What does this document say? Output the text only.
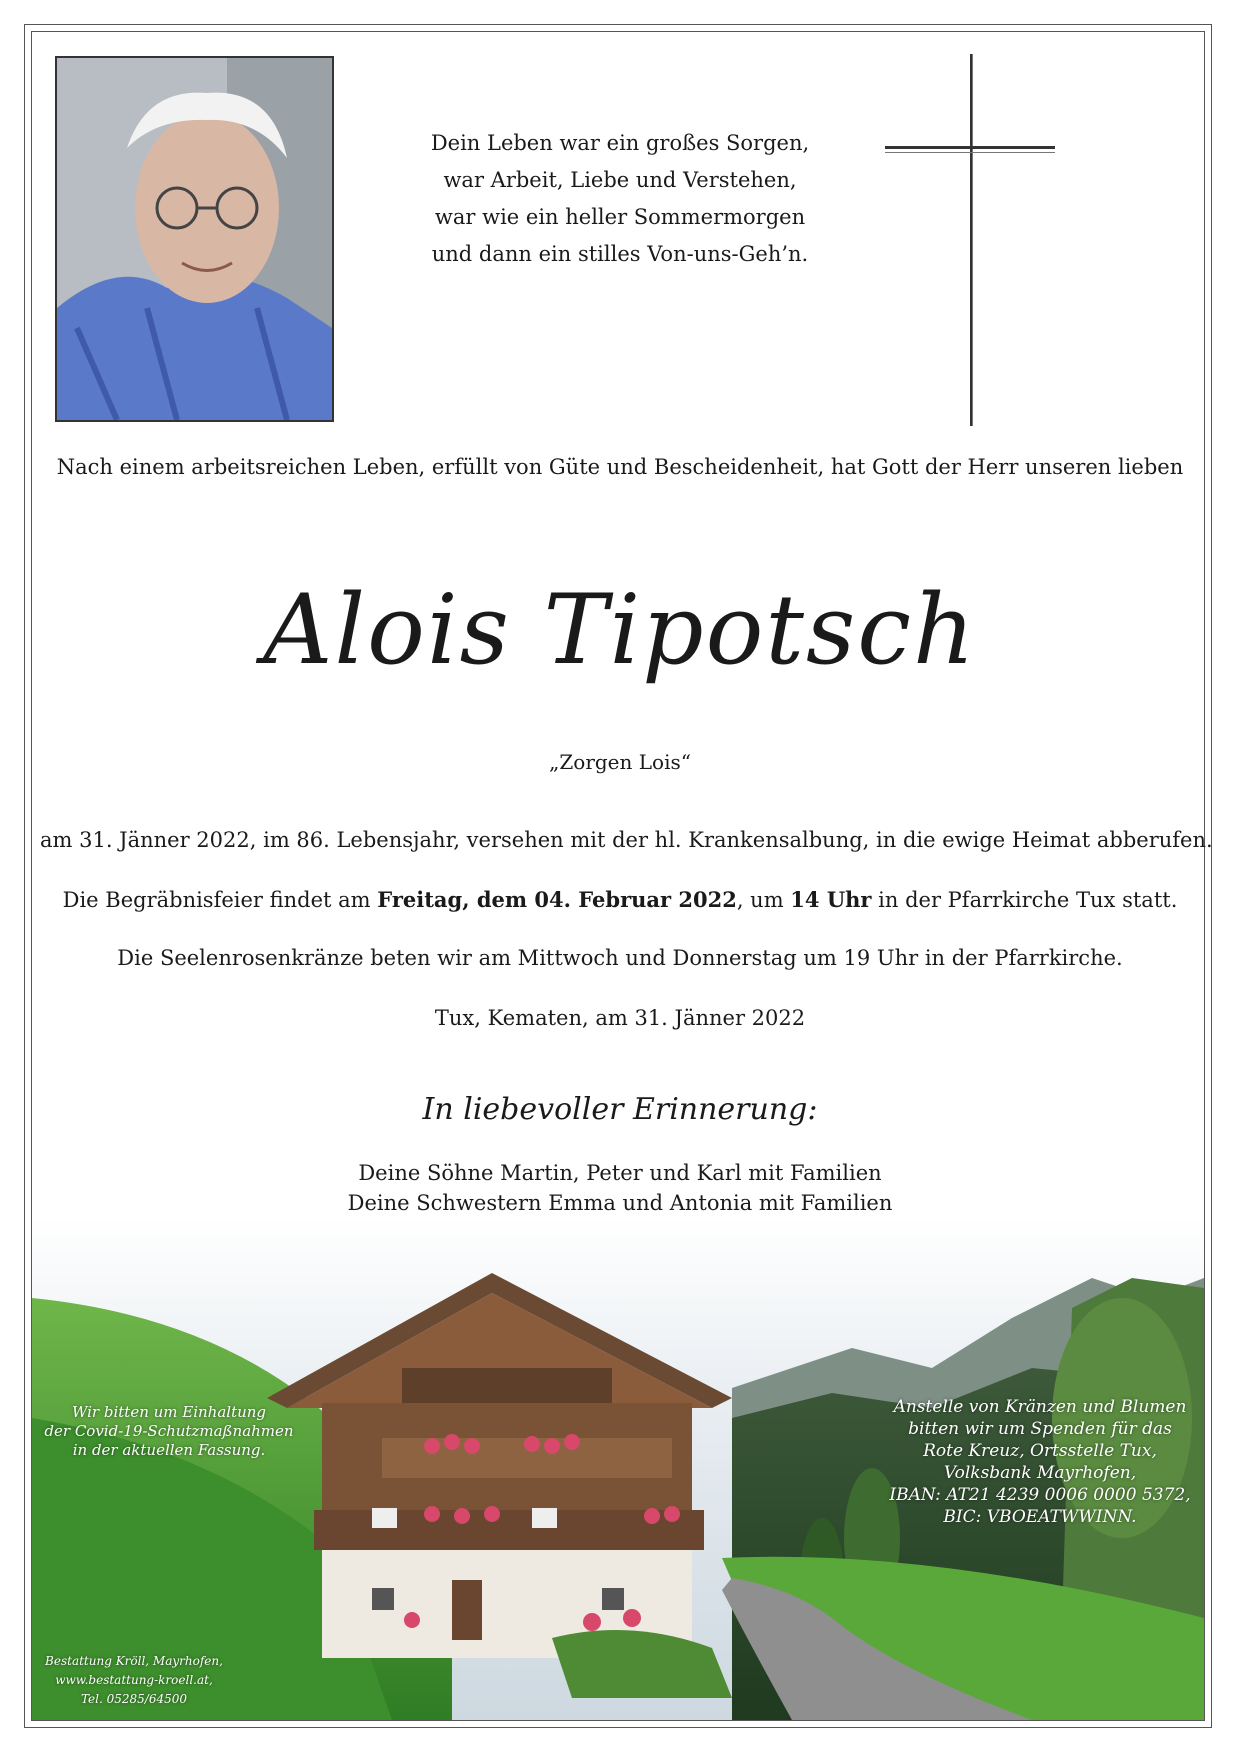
Dein Leben war ein großes Sorgen,
war Arbeit, Liebe und Verstehen,
war wie ein heller Sommermorgen
und dann ein stilles Von-uns-Geh’n.
Nach einem arbeitsreichen Leben, erfüllt von Güte und Bescheidenheit, hat Gott der Herr unseren lieben
Alois Tipotsch
„Zorgen Lois“
am 31. Jänner 2022, im 86. Lebensjahr, versehen mit der hl. Krankensalbung, in die ewige Heimat abberufen.
Die Begräbnisfeier findet am Freitag, dem 04. Februar 2022, um 14 Uhr in der Pfarrkirche Tux statt.
Die Seelenrosenkränze beten wir am Mittwoch und Donnerstag um 19 Uhr in der Pfarrkirche.
Tux, Kematen, am 31. Jänner 2022
In liebevoller Erinnerung:
Deine Söhne Martin, Peter und Karl mit Familien
Deine Schwestern Emma und Antonia mit Familien
Wir bitten um Einhaltung
der Covid-19-Schutzmaßnahmen
in der aktuellen Fassung.
Anstelle von Kränzen und Blumen
bitten wir um Spenden für das
Rote Kreuz, Ortsstelle Tux,
Volksbank Mayrhofen,
IBAN: AT21 4239 0006 0000 5372,
BIC: VBOEATWWINN.
Bestattung Kröll, Mayrhofen,
www.bestattung-kroell.at,
Tel. 05285/64500
